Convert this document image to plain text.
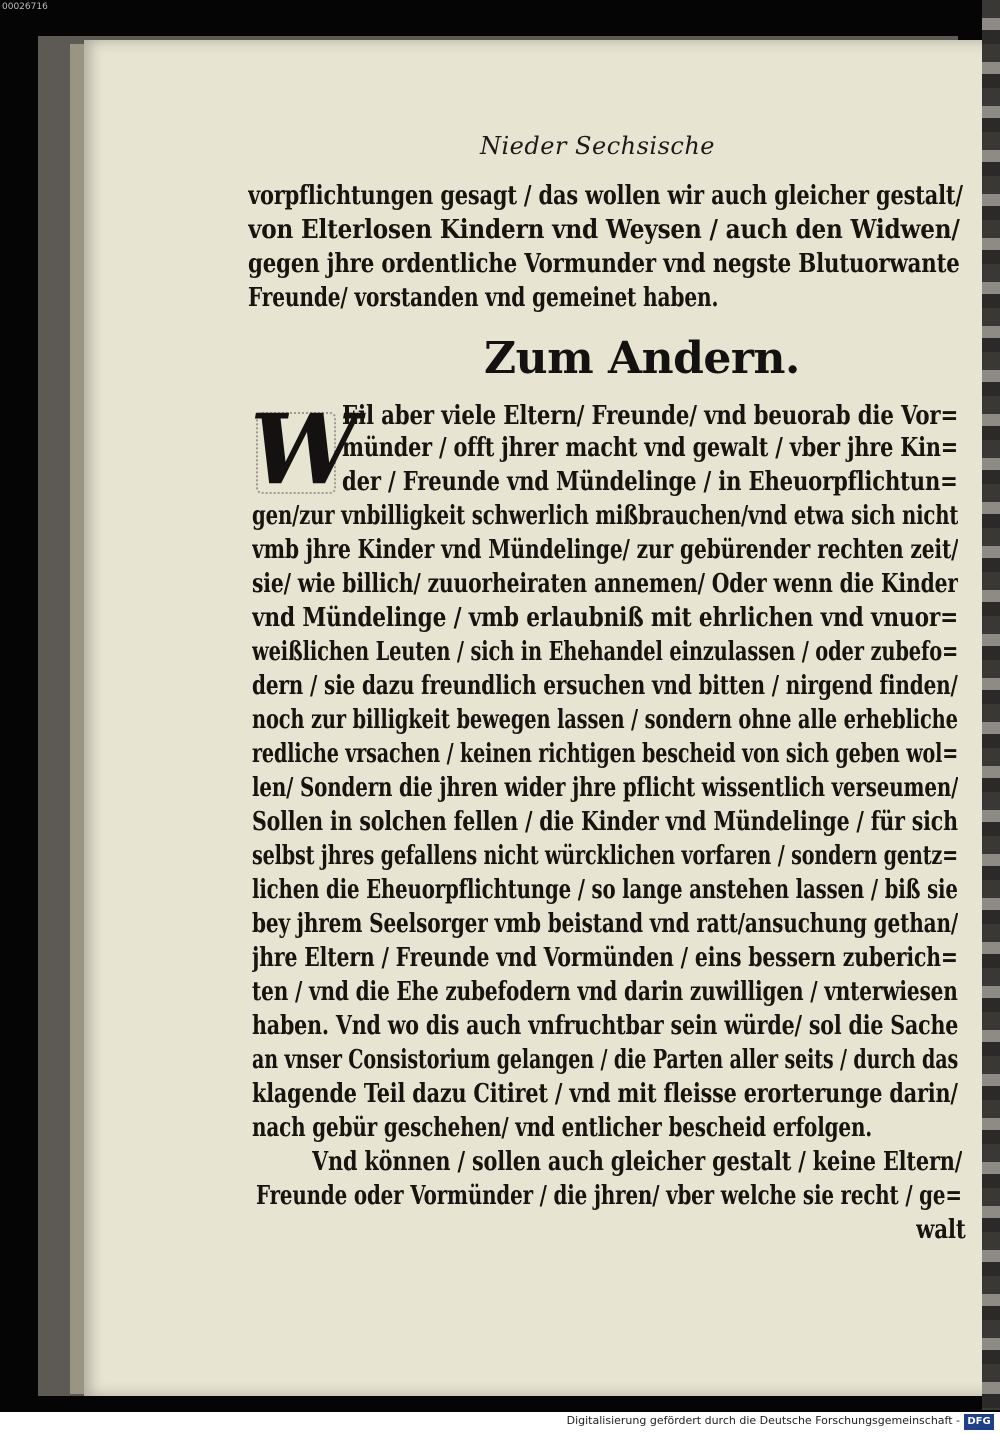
00026716
Nieder Sechsische
Zum Andern.
W
vorpflichtungen gesagt / das wollen wir auch gleicher gestalt/
von Elterlosen Kindern vnd Weysen / auch den Widwen/
gegen jhre ordentliche Vormunder vnd negste Blutuorwante
Freunde/ vorstanden vnd gemeinet haben.
Eil aber viele Eltern/ Freunde/ vnd beuorab die Vor=
münder / offt jhrer macht vnd gewalt / vber jhre Kin=
der / Freunde vnd Mündelinge / in Eheuorpflichtun=
gen/zur vnbilligkeit schwerlich mißbrauchen/vnd etwa sich nicht
vmb jhre Kinder vnd Mündelinge/ zur gebürender rechten zeit/
sie/ wie billich/ zuuorheiraten annemen/ Oder wenn die Kinder
vnd Mündelinge / vmb erlaubniß mit ehrlichen vnd vnuor=
weißlichen Leuten / sich in Ehehandel einzulassen / oder zubefo=
dern / sie dazu freundlich ersuchen vnd bitten / nirgend finden/
noch zur billigkeit bewegen lassen / sondern ohne alle erhebliche
redliche vrsachen / keinen richtigen bescheid von sich geben wol=
len/ Sondern die jhren wider jhre pflicht wissentlich verseumen/
Sollen in solchen fellen / die Kinder vnd Mündelinge / für sich
selbst jhres gefallens nicht würcklichen vorfaren / sondern gentz=
lichen die Eheuorpflichtunge / so lange anstehen lassen / biß sie
bey jhrem Seelsorger vmb beistand vnd ratt/ansuchung gethan/
jhre Eltern / Freunde vnd Vormünden / eins bessern zuberich=
ten / vnd die Ehe zubefodern vnd darin zuwilligen / vnterwiesen
haben. Vnd wo dis auch vnfruchtbar sein würde/ sol die Sache
an vnser Consistorium gelangen / die Parten aller seits / durch das
klagende Teil dazu Citiret / vnd mit fleisse erorterunge darin/
nach gebür geschehen/ vnd entlicher bescheid erfolgen.
Vnd können / sollen auch gleicher gestalt / keine Eltern/
Freunde oder Vormünder / die jhren/ vber welche sie recht / ge=
walt
Digitalisierung gefördert durch die Deutsche Forschungsgemeinschaft - DFG
